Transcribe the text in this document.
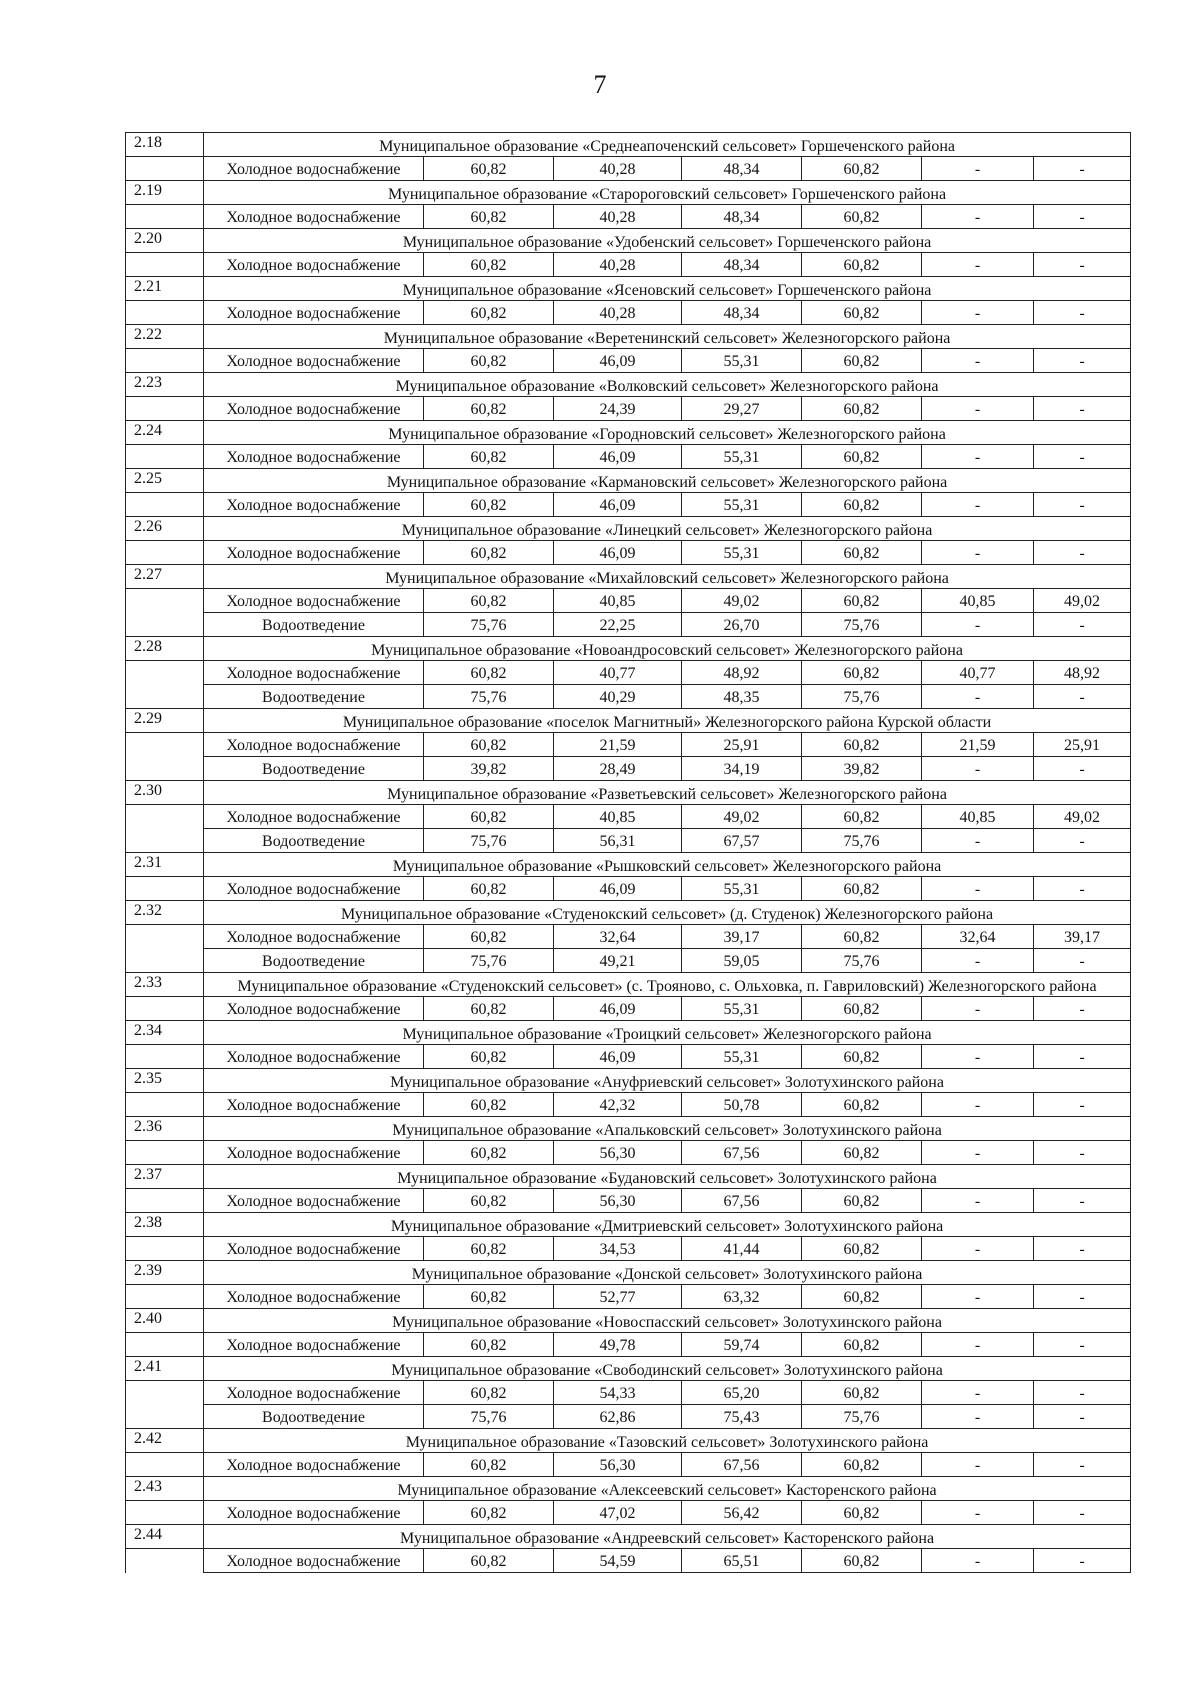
7
2.18	Муниципальное образование «Среднеапоченский сельсовет» Горшеченского района						
	Холодное водоснабжение	60,82	40,28	48,34	60,82	-	-
2.19	Муниципальное образование «Старороговский сельсовет» Горшеченского района						
	Холодное водоснабжение	60,82	40,28	48,34	60,82	-	-
2.20	Муниципальное образование «Удобенский сельсовет» Горшеченского района						
	Холодное водоснабжение	60,82	40,28	48,34	60,82	-	-
2.21	Муниципальное образование «Ясеновский сельсовет» Горшеченского района						
	Холодное водоснабжение	60,82	40,28	48,34	60,82	-	-
2.22	Муниципальное образование «Веретенинский сельсовет» Железногорского района						
	Холодное водоснабжение	60,82	46,09	55,31	60,82	-	-
2.23	Муниципальное образование «Волковский сельсовет» Железногорского района						
	Холодное водоснабжение	60,82	24,39	29,27	60,82	-	-
2.24	Муниципальное образование «Городновский сельсовет» Железногорского района						
	Холодное водоснабжение	60,82	46,09	55,31	60,82	-	-
2.25	Муниципальное образование «Кармановский сельсовет» Железногорского района						
	Холодное водоснабжение	60,82	46,09	55,31	60,82	-	-
2.26	Муниципальное образование «Линецкий сельсовет» Железногорского района						
	Холодное водоснабжение	60,82	46,09	55,31	60,82	-	-
2.27	Муниципальное образование «Михайловский сельсовет» Железногорского района						
	Холодное водоснабжение	60,82	40,85	49,02	60,82	40,85	49,02
	Водоотведение	75,76	22,25	26,70	75,76	-	-
2.28	Муниципальное образование «Новоандросовский сельсовет» Железногорского района						
	Холодное водоснабжение	60,82	40,77	48,92	60,82	40,77	48,92
	Водоотведение	75,76	40,29	48,35	75,76	-	-
2.29	Муниципальное образование «поселок Магнитный» Железногорского района Курской области						
	Холодное водоснабжение	60,82	21,59	25,91	60,82	21,59	25,91
	Водоотведение	39,82	28,49	34,19	39,82	-	-
2.30	Муниципальное образование «Разветьевский сельсовет» Железногорского района						
	Холодное водоснабжение	60,82	40,85	49,02	60,82	40,85	49,02
	Водоотведение	75,76	56,31	67,57	75,76	-	-
2.31	Муниципальное образование «Рышковский сельсовет» Железногорского района						
	Холодное водоснабжение	60,82	46,09	55,31	60,82	-	-
2.32	Муниципальное образование «Студенокский сельсовет» (д. Студенок) Железногорского района						
	Холодное водоснабжение	60,82	32,64	39,17	60,82	32,64	39,17
	Водоотведение	75,76	49,21	59,05	75,76	-	-
2.33	Муниципальное образование «Студенокский сельсовет» (с. Трояново, с. Ольховка, п. Гавриловский) Железногорского района						
	Холодное водоснабжение	60,82	46,09	55,31	60,82	-	-
2.34	Муниципальное образование «Троицкий сельсовет» Железногорского района						
	Холодное водоснабжение	60,82	46,09	55,31	60,82	-	-
2.35	Муниципальное образование «Ануфриевский сельсовет» Золотухинского района						
	Холодное водоснабжение	60,82	42,32	50,78	60,82	-	-
2.36	Муниципальное образование «Апальковский сельсовет» Золотухинского района						
	Холодное водоснабжение	60,82	56,30	67,56	60,82	-	-
2.37	Муниципальное образование «Будановский сельсовет» Золотухинского района						
	Холодное водоснабжение	60,82	56,30	67,56	60,82	-	-
2.38	Муниципальное образование «Дмитриевский сельсовет» Золотухинского района						
	Холодное водоснабжение	60,82	34,53	41,44	60,82	-	-
2.39	Муниципальное образование «Донской сельсовет» Золотухинского района						
	Холодное водоснабжение	60,82	52,77	63,32	60,82	-	-
2.40	Муниципальное образование «Новоспасский сельсовет» Золотухинского района						
	Холодное водоснабжение	60,82	49,78	59,74	60,82	-	-
2.41	Муниципальное образование «Свободинский сельсовет» Золотухинского района						
	Холодное водоснабжение	60,82	54,33	65,20	60,82	-	-
	Водоотведение	75,76	62,86	75,43	75,76	-	-
2.42	Муниципальное образование «Тазовский сельсовет» Золотухинского района						
	Холодное водоснабжение	60,82	56,30	67,56	60,82	-	-
2.43	Муниципальное образование «Алексеевский сельсовет» Касторенского района						
	Холодное водоснабжение	60,82	47,02	56,42	60,82	-	-
2.44	Муниципальное образование «Андреевский сельсовет» Касторенского района						
	Холодное водоснабжение	60,82	54,59	65,51	60,82	-	-
